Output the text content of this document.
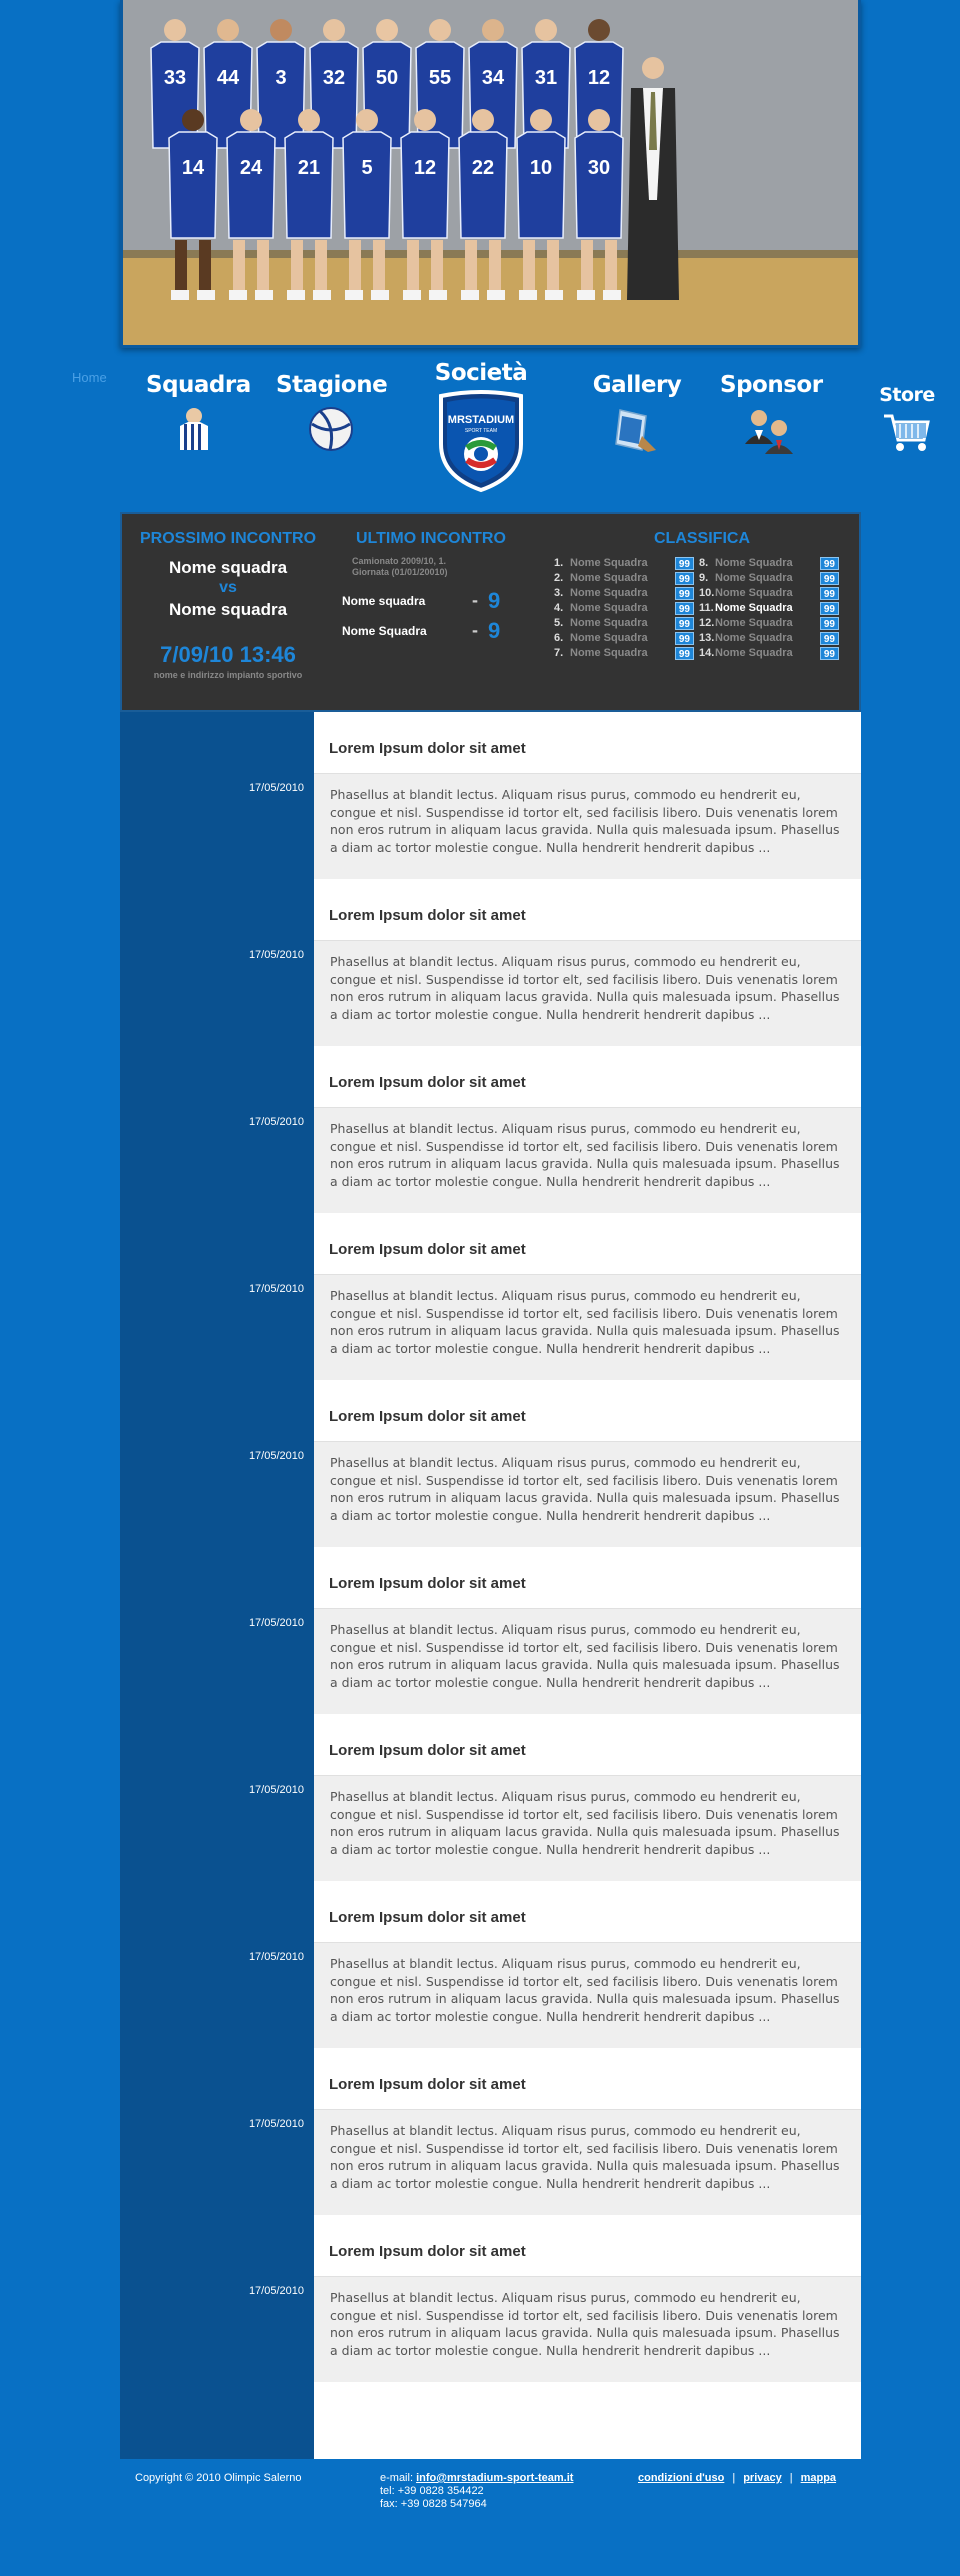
33 44 3 32 50 55 34 31 12
14 24 21 5 12 22 10 30
Home Squadra Stagione	Società
MRSTADIUM
SPORT TEAM
Gallery Sponsor	Store
PROSSIMO INCONTRO
Nome squadra
vs
Nome squadra
7/09/10 13:46
nome e indirizzo impianto sportivo
ULTIMO INCONTRO
Camionato 2009/10, 1.
Giornata (01/01/20010)
Nome squadra	- 9
Nome Squadra	- 9
CLASSIFICA
1. Nome Squadra	99
2. Nome Squadra	99
3. Nome Squadra	99
4. Nome Squadra	99
5. Nome Squadra	99
6. Nome Squadra	99
7. Nome Squadra	99
8. Nome Squadra	99
9. Nome Squadra	99
10.Nome Squadra	99
11.Nome Squadra	99
12.Nome Squadra	99
13.Nome Squadra	99
14.Nome Squadra	99
17/05/2010
Lorem Ipsum dolor sit amet
Phasellus at blandit lectus. Aliquam risus purus, commodo eu hendrerit eu, congue et nisl. Suspendisse id tortor elt, sed facilisis libero. Duis venenatis lorem non eros rutrum in aliquam lacus gravida. Nulla quis malesuada ipsum. Phasellus a diam ac tortor molestie congue. Nulla hendrerit hendrerit dapibus ...
17/05/2010
Lorem Ipsum dolor sit amet
Phasellus at blandit lectus. Aliquam risus purus, commodo eu hendrerit eu, congue et nisl. Suspendisse id tortor elt, sed facilisis libero. Duis venenatis lorem non eros rutrum in aliquam lacus gravida. Nulla quis malesuada ipsum. Phasellus a diam ac tortor molestie congue. Nulla hendrerit hendrerit dapibus ...
17/05/2010
Lorem Ipsum dolor sit amet
Phasellus at blandit lectus. Aliquam risus purus, commodo eu hendrerit eu, congue et nisl. Suspendisse id tortor elt, sed facilisis libero. Duis venenatis lorem non eros rutrum in aliquam lacus gravida. Nulla quis malesuada ipsum. Phasellus a diam ac tortor molestie congue. Nulla hendrerit hendrerit dapibus ...
17/05/2010
Lorem Ipsum dolor sit amet
Phasellus at blandit lectus. Aliquam risus purus, commodo eu hendrerit eu, congue et nisl. Suspendisse id tortor elt, sed facilisis libero. Duis venenatis lorem non eros rutrum in aliquam lacus gravida. Nulla quis malesuada ipsum. Phasellus a diam ac tortor molestie congue. Nulla hendrerit hendrerit dapibus ...
17/05/2010
Lorem Ipsum dolor sit amet
Phasellus at blandit lectus. Aliquam risus purus, commodo eu hendrerit eu, congue et nisl. Suspendisse id tortor elt, sed facilisis libero. Duis venenatis lorem non eros rutrum in aliquam lacus gravida. Nulla quis malesuada ipsum. Phasellus a diam ac tortor molestie congue. Nulla hendrerit hendrerit dapibus ...
17/05/2010
Lorem Ipsum dolor sit amet
Phasellus at blandit lectus. Aliquam risus purus, commodo eu hendrerit eu, congue et nisl. Suspendisse id tortor elt, sed facilisis libero. Duis venenatis lorem non eros rutrum in aliquam lacus gravida. Nulla quis malesuada ipsum. Phasellus a diam ac tortor molestie congue. Nulla hendrerit hendrerit dapibus ...
17/05/2010
Lorem Ipsum dolor sit amet
Phasellus at blandit lectus. Aliquam risus purus, commodo eu hendrerit eu, congue et nisl. Suspendisse id tortor elt, sed facilisis libero. Duis venenatis lorem non eros rutrum in aliquam lacus gravida. Nulla quis malesuada ipsum. Phasellus a diam ac tortor molestie congue. Nulla hendrerit hendrerit dapibus ...
17/05/2010
Lorem Ipsum dolor sit amet
Phasellus at blandit lectus. Aliquam risus purus, commodo eu hendrerit eu, congue et nisl. Suspendisse id tortor elt, sed facilisis libero. Duis venenatis lorem non eros rutrum in aliquam lacus gravida. Nulla quis malesuada ipsum. Phasellus a diam ac tortor molestie congue. Nulla hendrerit hendrerit dapibus ...
17/05/2010
Lorem Ipsum dolor sit amet
Phasellus at blandit lectus. Aliquam risus purus, commodo eu hendrerit eu, congue et nisl. Suspendisse id tortor elt, sed facilisis libero. Duis venenatis lorem non eros rutrum in aliquam lacus gravida. Nulla quis malesuada ipsum. Phasellus a diam ac tortor molestie congue. Nulla hendrerit hendrerit dapibus ...
17/05/2010
Lorem Ipsum dolor sit amet
Phasellus at blandit lectus. Aliquam risus purus, commodo eu hendrerit eu, congue et nisl. Suspendisse id tortor elt, sed facilisis libero. Duis venenatis lorem non eros rutrum in aliquam lacus gravida. Nulla quis malesuada ipsum. Phasellus a diam ac tortor molestie congue. Nulla hendrerit hendrerit dapibus ...
Copyright © 2010 Olimpic Salerno	e-mail: info@mrstadium-sport-team.it
tel: +39 0828 354422
fax: +39 0828 547964
condizioni d'uso | privacy | mappa
